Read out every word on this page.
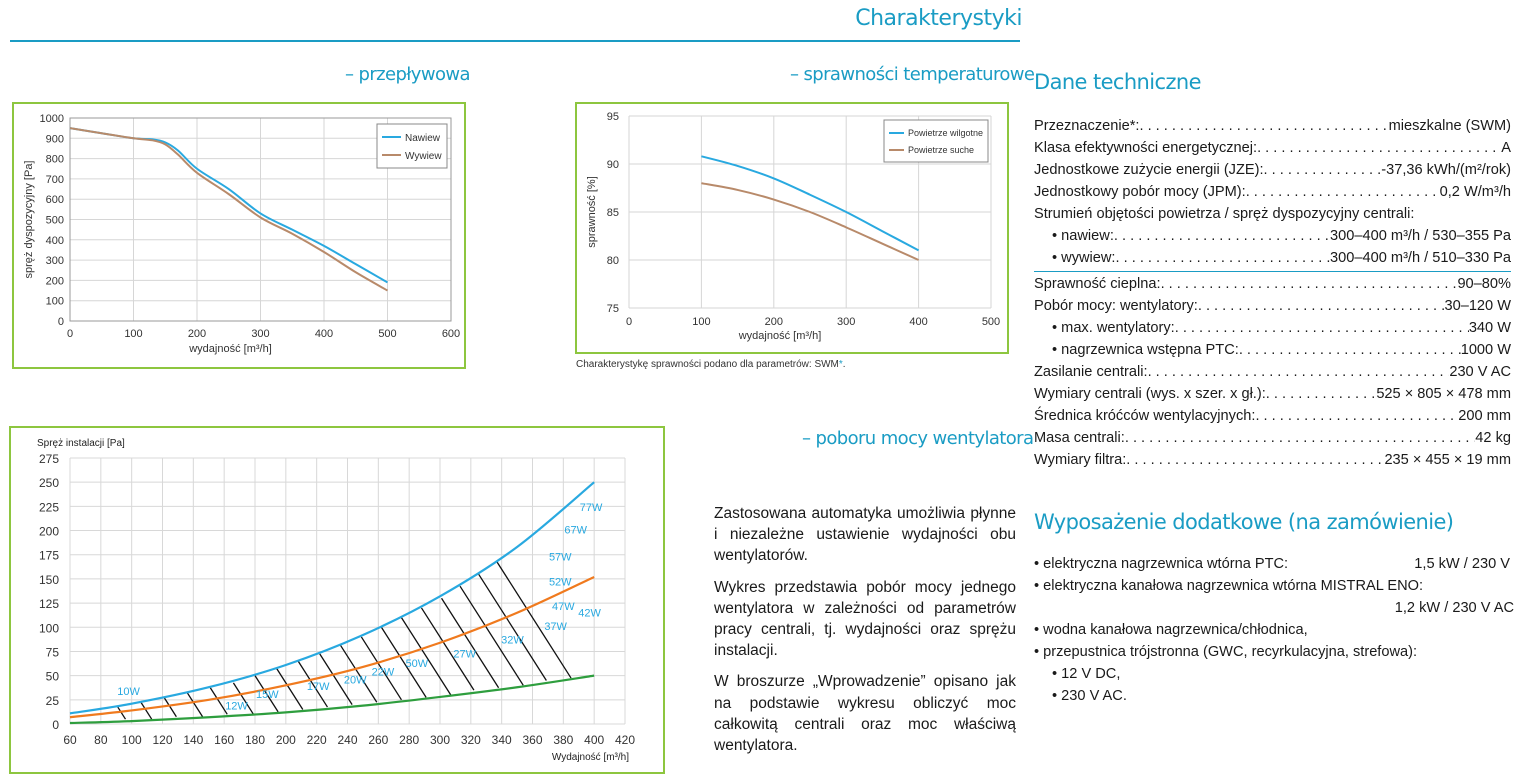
Charakterystyki
– przepływowa	– sprawności temperaturowe
– poboru mocy wentylatora
0
100
200
300
400
500
600
700
800
900
1000
0	100	200	300	400	500	600
wydajność [m³/h]
spręż dyspozycyjny [Pa]
Nawiew
Wywiew
75
80
85
90
95
0	100	200	300	400	500
wydajność [m³/h]
sprawność [%]
Powietrze wilgotne
Powietrze suche
Charakterystykę sprawności podano dla parametrów: SWM*.
Spręż instalacji [Pa]
0
25
50
75
100
125
150
175
200
225
250
275
60 80 100 120 140 160 180 200 220 240 260 280 300 320 340 360 380 400 420
Wydajność [m³/h]
10W
12W
15W
17W
20W
22W
50W
27W
32W
37W
42W
47W
52W
57W
67W
77W	Zastosowana automatyka umożliwia płynne i niezależne ustawienie wydajności obu wentylatorów.

Wykres przedstawia pobór mocy jednego wentylatora w zależności od parametrów pracy centrali, tj. wydajności oraz sprężu instalacji.

W broszurze „Wprowadzenie” opisano jak na podstawie wykresu obliczyć moc całkowitą centrali oraz moc właściwą wentylatora.

Dane techniczne
Przeznaczenie*: . . .	mieszkalne (SWM)
Klasa efektywności energetycznej: . . .	A
Jednostkowe zużycie energii (JZE): . . .	-37,36 kWh/(m²/rok)
Jednostkowy pobór mocy (JPM): . . .	0,2 W/m³/h
Strumień objętości powietrza / spręż dyspozycyjny centrali:
• nawiew: . . .	300–400 m³/h / 530–355 Pa
• wywiew: . . .	300–400 m³/h / 510–330 Pa
Sprawność cieplna: . . .	90–80%
Pobór mocy: wentylatory: . . .	30–120 W
• max. wentylatory: . . .	340 W
• nagrzewnica wstępna PTC: . . .	1000 W
Zasilanie centrali: . . .	230 V AC
Wymiary centrali (wys. x szer. x gł.): . . .	525 × 805 × 478 mm
Średnica króćców wentylacyjnych: . . .	200 mm
Masa centrali: . . .	42 kg
Wymiary filtra: . . .	235 × 455 × 19 mm
Wyposażenie dodatkowe (na zamówienie)
• elektryczna nagrzewnica wtórna PTC:	1,5 kW / 230 V
• elektryczna kanałowa nagrzewnica wtórna MISTRAL ENO:
1,2 kW / 230 V AC
• wodna kanałowa nagrzewnica/chłodnica,
• przepustnica trójstronna (GWC, recyrkulacyjna, strefowa):
• 12 V DC,
• 230 V AC.
